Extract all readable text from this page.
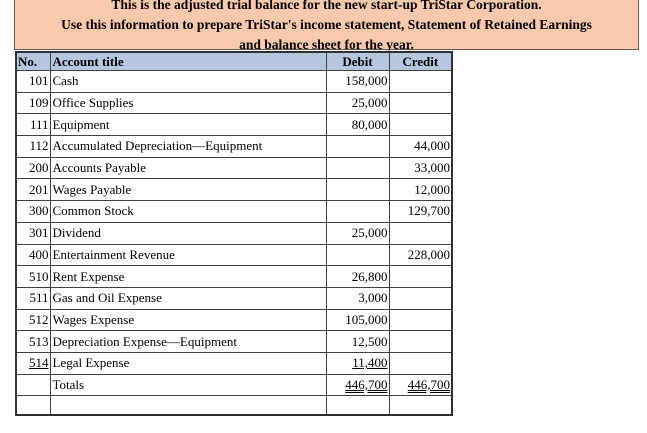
This is the adjusted trial balance for the new start-up TriStar Corporation.
Use this information to prepare TriStar's income statement, Statement of Retained Earnings
and balance sheet for the year.
No.	Account title	Debit	Credit
101	Cash	158,000	
109	Office Supplies	25,000	
111	Equipment	80,000	
112	Accumulated Depreciation—Equipment		44,000
200	Accounts Payable		33,000
201	Wages Payable		12,000
300	Common Stock		129,700
301	Dividend	25,000	
400	Entertainment Revenue		228,000
510	Rent Expense	26,800	
511	Gas and Oil Expense	3,000	
512	Wages Expense	105,000	
513	Depreciation Expense—Equipment	12,500	
514	Legal Expense	11,400	
	Totals	446,700	446,700
